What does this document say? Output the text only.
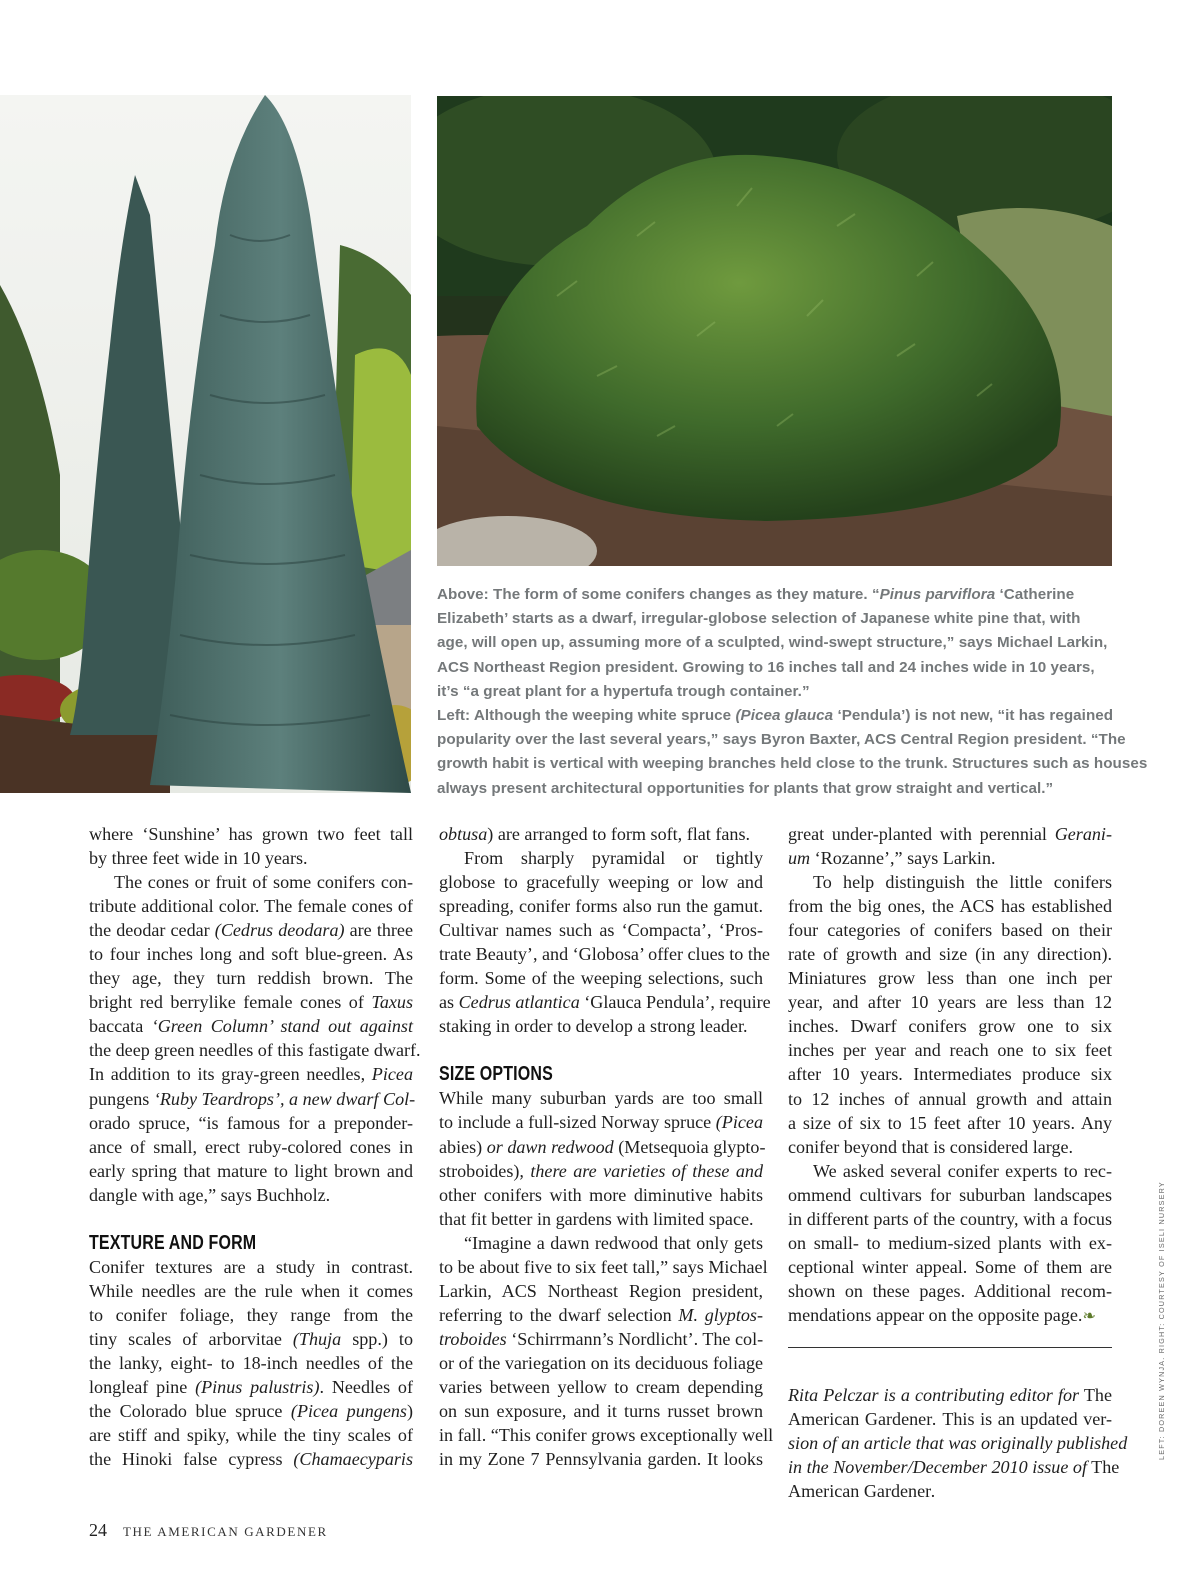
Above: The form of some conifers changes as they mature. “Pinus parviflora ‘Catherine
Elizabeth’ starts as a dwarf, irregular-globose selection of Japanese white pine that, with
age, will open up, assuming more of a sculpted, wind-swept structure,” says Michael Larkin,
ACS Northeast Region president. Growing to 16 inches tall and 24 inches wide in 10 years,
it’s “a great plant for a hypertufa trough container.”
Left: Although the weeping white spruce (Picea glauca ‘Pendula’) is not new, “it has regained
popularity over the last several years,” says Byron Baxter, ACS Central Region president. “The
growth habit is vertical with weeping branches held close to the trunk. Structures such as houses
always present architectural opportunities for plants that grow straight and vertical.”
where ‘Sunshine’ has grown two feet tall
by three feet wide in 10 years.
The cones or fruit of some conifers con-
tribute additional color. The female cones of
the deodar cedar (Cedrus deodara) are three
to four inches long and soft blue-green. As
they age, they turn reddish brown. The
bright red berrylike female cones of Taxus
baccata ‘Green Column’ stand out against
the deep green needles of this fastigate dwarf.
In addition to its gray-green needles, Picea
pungens ‘Ruby Teardrops’, a new dwarf Col-
orado spruce, “is famous for a preponder-
ance of small, erect ruby-colored cones in
early spring that mature to light brown and
dangle with age,” says Buchholz.
TEXTURE AND FORM
Conifer textures are a study in contrast.
While needles are the rule when it comes
to conifer foliage, they range from the
tiny scales of arborvitae (Thuja spp.) to
the lanky, eight- to 18-inch needles of the
longleaf pine (Pinus palustris). Needles of
the Colorado blue spruce (Picea pungens)
are stiff and spiky, while the tiny scales of
the Hinoki false cypress (Chamaecyparis
obtusa) are arranged to form soft, flat fans.
From sharply pyramidal or tightly
globose to gracefully weeping or low and
spreading, conifer forms also run the gamut.
Cultivar names such as ‘Compacta’, ‘Pros-
trate Beauty’, and ‘Globosa’ offer clues to the
form. Some of the weeping selections, such
as Cedrus atlantica ‘Glauca Pendula’, require
staking in order to develop a strong leader.
SIZE OPTIONS
While many suburban yards are too small
to include a full-sized Norway spruce (Picea
abies) or dawn redwood (Metsequoia glypto-
stroboides), there are varieties of these and
other conifers with more diminutive habits
that fit better in gardens with limited space.
“Imagine a dawn redwood that only gets
to be about five to six feet tall,” says Michael
Larkin, ACS Northeast Region president,
referring to the dwarf selection M. glyptos-
troboides ‘Schirrmann’s Nordlicht’. The col-
or of the variegation on its deciduous foliage
varies between yellow to cream depending
on sun exposure, and it turns russet brown
in fall. “This conifer grows exceptionally well
in my Zone 7 Pennsylvania garden. It looks
great under-planted with perennial Gerani-
um ‘Rozanne’,” says Larkin.
To help distinguish the little conifers
from the big ones, the ACS has established
four categories of conifers based on their
rate of growth and size (in any direction).
Miniatures grow less than one inch per
year, and after 10 years are less than 12
inches. Dwarf conifers grow one to six
inches per year and reach one to six feet
after 10 years. Intermediates produce six
to 12 inches of annual growth and attain
a size of six to 15 feet after 10 years. Any
conifer beyond that is considered large.
We asked several conifer experts to rec-
ommend cultivars for suburban landscapes
in different parts of the country, with a focus
on small- to medium-sized plants with ex-
ceptional winter appeal. Some of them are
shown on these pages. Additional recom-
mendations appear on the opposite page.❧
Rita Pelczar is a contributing editor for The
American Gardener. This is an updated ver-
sion of an article that was originally published
in the November/December 2010 issue of The
American Gardener.
LEFT: DOREEN WYNJA. RIGHT: COURTESY OF ISELI NURSERY
24 THE AMERICAN GARDENER
